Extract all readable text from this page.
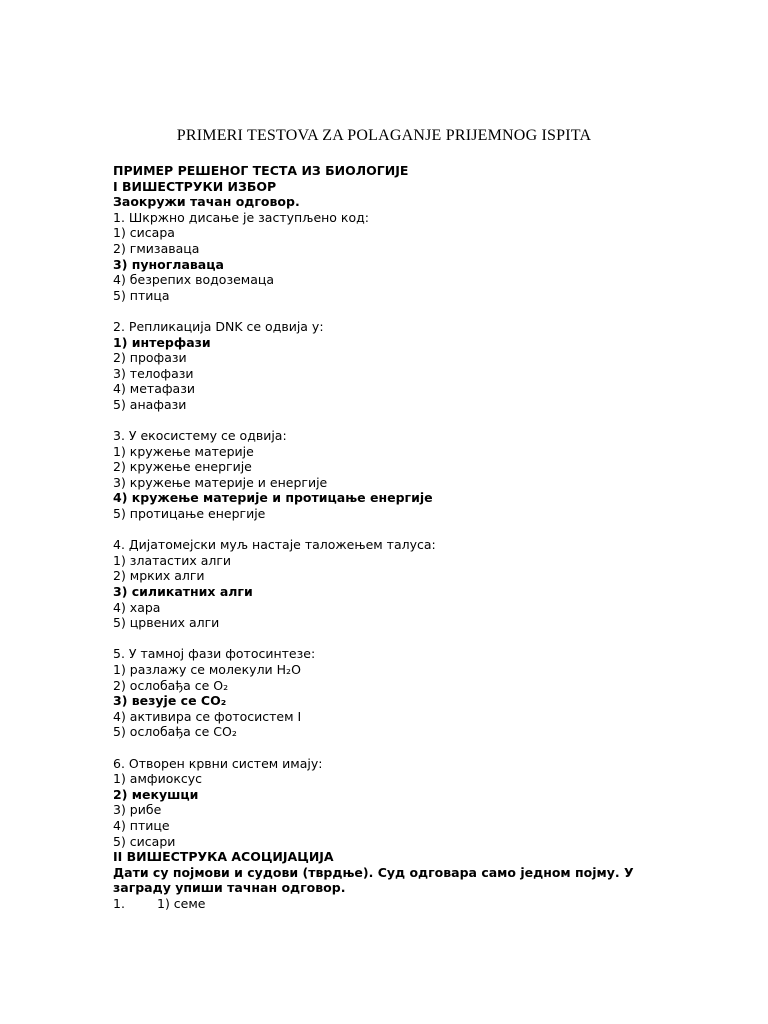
PRIMERI TESTOVA ZA POLAGANJE PRIJEMNOG ISPITA
ПРИМЕР РЕШЕНОГ ТЕСТА ИЗ БИОЛОГИЈЕ
I ВИШЕСТРУКИ ИЗБОР
Заокружи тачан одговор.
1. Шкржно дисање је заступљено код:
1) сисара
2) гмизаваца
3) пуноглаваца
4) безрепих водоземаца
5) птица
2. Репликација DNK се одвија у:
1) интерфази
2) профази
3) телофази
4) метафази
5) анафази
3. У екосистему се одвија:
1) кружење материје
2) кружење енергије
3) кружење материје и енергије
4) кружење материје и протицање енергије
5) протицање енергије
4. Дијатомејски муљ настаје таложењем талуса:
1) златастих алги
2) мрких алги
3) силикатних алги
4) хара
5) црвених алги
5. У тамној фази фотосинтезе:
1) разлажу се молекули H₂O
2) ослобађа се O₂
3) везује се CO₂
4) активира се фотосистем I
5) ослобађа се CO₂
6. Отворен крвни систем имају:
1) амфиоксус
2) мекушци
3) рибе
4) птице
5) сисари
II ВИШЕСТРУКА АСОЦИЈАЦИЈА
Дати су појмови и судови (тврдње). Суд одговара само једном појму. У заграду упиши тачнан одговор.
1.	1) семе
